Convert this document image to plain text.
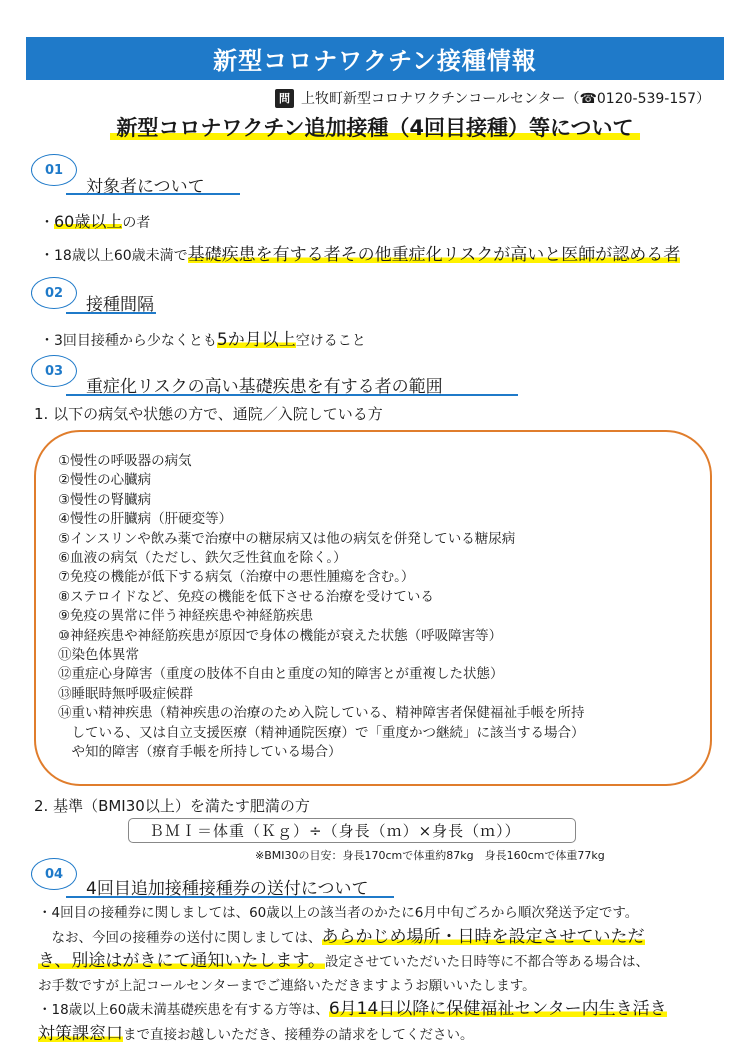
新型コロナワクチン接種情報
問 上牧町新型コロナワクチンコールセンター（☎0120-539-157）
新型コロナワクチン追加接種（4回目接種）等について
01
対象者について
・60歳以上の者
・18歳以上60歳未満で基礎疾患を有する者その他重症化リスクが高いと医師が認める者
02
接種間隔
・3回目接種から少なくとも5か月以上空けること
03
重症化リスクの高い基礎疾患を有する者の範囲
1. 以下の病気や状態の方で、通院／入院している方
①慢性の呼吸器の病気
②慢性の心臓病
③慢性の腎臓病
④慢性の肝臓病（肝硬変等）
⑤インスリンや飲み薬で治療中の糖尿病又は他の病気を併発している糖尿病
⑥血液の病気（ただし、鉄欠乏性貧血を除く。）
⑦免疫の機能が低下する病気（治療中の悪性腫瘍を含む。）
⑧ステロイドなど、免疫の機能を低下させる治療を受けている
⑨免疫の異常に伴う神経疾患や神経筋疾患
⑩神経疾患や神経筋疾患が原因で身体の機能が衰えた状態（呼吸障害等）
⑪染色体異常
⑫重症心身障害（重度の肢体不自由と重度の知的障害とが重複した状態）
⑬睡眠時無呼吸症候群
⑭重い精神疾患（精神疾患の治療のため入院している、精神障害者保健福祉手帳を所持
　している、又は自立支援医療（精神通院医療）で「重度かつ継続」に該当する場合）
　や知的障害（療育手帳を所持している場合）
2. 基準（BMI30以上）を満たす肥満の方
ＢＭＩ＝体重（Ｋｇ）÷（身長（ｍ）×身長（ｍ））
※BMI30の目安：身長170cmで体重約87kg　身長160cmで体重77kg
04
4回目追加接種接種券の送付について
・4回目の接種券に関しましては、60歳以上の該当者のかたに6月中旬ごろから順次発送予定です。
　なお、今回の接種券の送付に関しましては、あらかじめ場所・日時を設定させていただ
き、別途はがきにて通知いたします。設定させていただいた日時等に不都合等ある場合は、
お手数ですが上記コールセンターまでご連絡いただきますようお願いいたします。
・18歳以上60歳未満基礎疾患を有する方等は、6月14日以降に保健福祉センター内生き活き
対策課窓口まで直接お越しいただき、接種券の請求をしてください。
